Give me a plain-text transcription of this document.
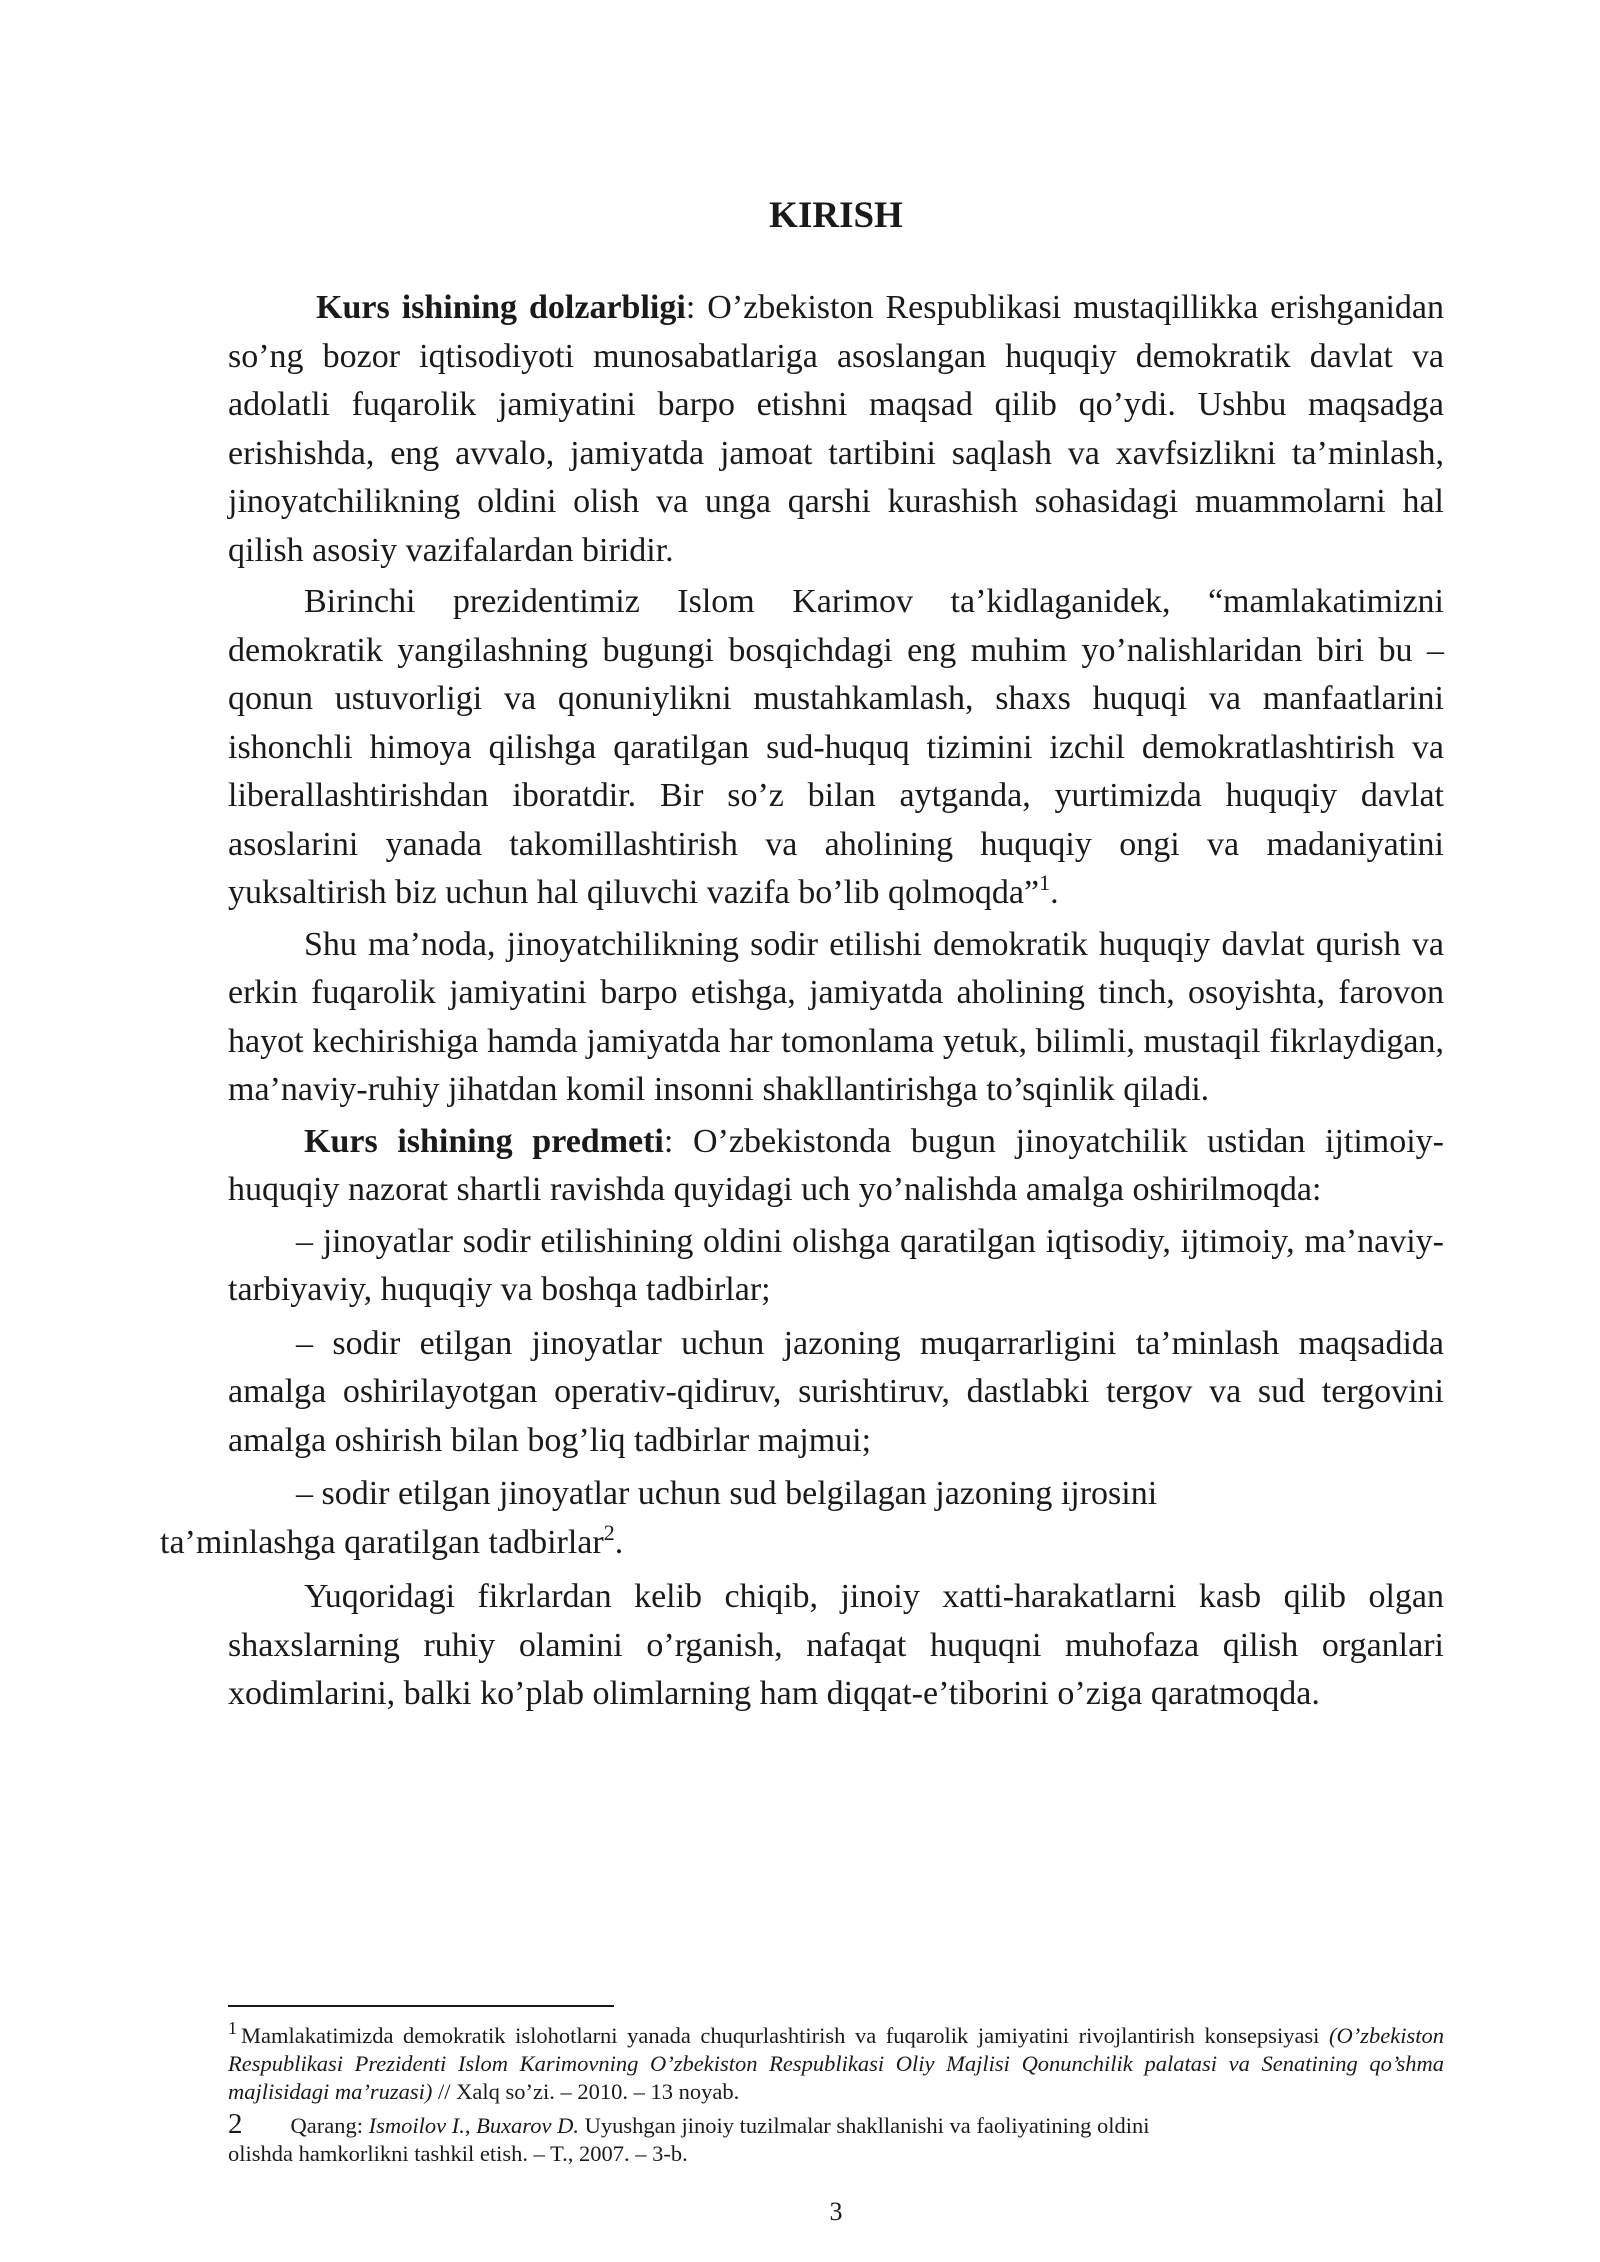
KIRISH

Kurs ishining dolzarbligi: O’zbekiston Respublikasi mustaqillikka erishganidan so’ng bozor iqtisodiyoti munosabatlariga asoslangan huquqiy demokratik davlat va adolatli fuqarolik jamiyatini barpo etishni maqsad qilib qo’ydi. Ushbu maqsadga erishishda, eng avvalo, jamiyatda jamoat tartibini saqlash va xavfsizlikni ta’minlash, jinoyatchilikning oldini olish va unga qarshi kurashish sohasidagi muammolarni hal qilish asosiy vazifalardan biridir.

Birinchi prezidentimiz Islom Karimov ta’kidlaganidek, “mamlakatimizni demokratik yangilashning bugungi bosqichdagi eng muhim yo’nalishlaridan biri bu – qonun ustuvorligi va qonuniylikni mustahkamlash, shaxs huquqi va manfaatlarini ishonchli himoya qilishga qaratilgan sud-huquq tizimini izchil demokratlashtirish va liberallashtirishdan iboratdir. Bir so’z bilan aytganda, yurtimizda huquqiy davlat asoslarini yanada takomillashtirish va aholining huquqiy ongi va madaniyatini yuksaltirish biz uchun hal qiluvchi vazifa bo’lib qolmoqda”$^1$.

Shu ma’noda, jinoyatchilikning sodir etilishi demokratik huquqiy davlat qurish va erkin fuqarolik jamiyatini barpo etishga, jamiyatda aholining tinch, osoyishta, farovon hayot kechirishiga hamda jamiyatda har tomonlama yetuk, bilimli, mustaqil fikrlaydigan, ma’naviy-ruhiy jihatdan komil insonni shakllantirishga to’sqinlik qiladi.

Kurs ishining predmeti: O’zbekistonda bugun jinoyatchilik ustidan ijtimoiy-huquqiy nazorat shartli ravishda quyidagi uch yo’nalishda amalga oshirilmoqda:

– jinoyatlar sodir etilishining oldini olishga qaratilgan iqtisodiy, ijtimoiy, ma’naviy-tarbiyaviy, huquqiy va boshqa tadbirlar;

– sodir etilgan jinoyatlar uchun jazoning muqarrarligini ta’minlash maqsadida amalga oshirilayotgan operativ-qidiruv, surishtiruv, dastlabki tergov va sud tergovini amalga oshirish bilan bog’liq tadbirlar majmui;

– sodir etilgan jinoyatlar uchun sud belgilagan jazoning ijrosini
ta’minlashga qaratilgan tadbirlar$^2$.

Yuqoridagi fikrlardan kelib chiqib, jinoiy xatti-harakatlarni kasb qilib olgan shaxslarning ruhiy olamini o’rganish, nafaqat huquqni muhofaza qilish organlari xodimlarini, balki ko’plab olimlarning ham diqqat-e’tiborini o’ziga qaratmoqda.

$^1$ Mamlakatimizda demokratik islohotlarni yanada chuqurlashtirish va fuqarolik jamiyatini rivojlantirish konsepsiyasi (O’zbekiston Respublikasi Prezidenti Islom Karimovning O’zbekiston Respublikasi Oliy Majlisi Qonunchilik palatasi va Senatining qo’shma majlisidagi ma’ruzasi) // Xalq so’zi. – 2010. – 13 noyab.

2 Qarang: Ismoilov I., Buxarov D. Uyushgan jinoiy tuzilmalar shakllanishi va faoliyatining oldini
olishda hamkorlikni tashkil etish. – T., 2007. – 3-b.

3
